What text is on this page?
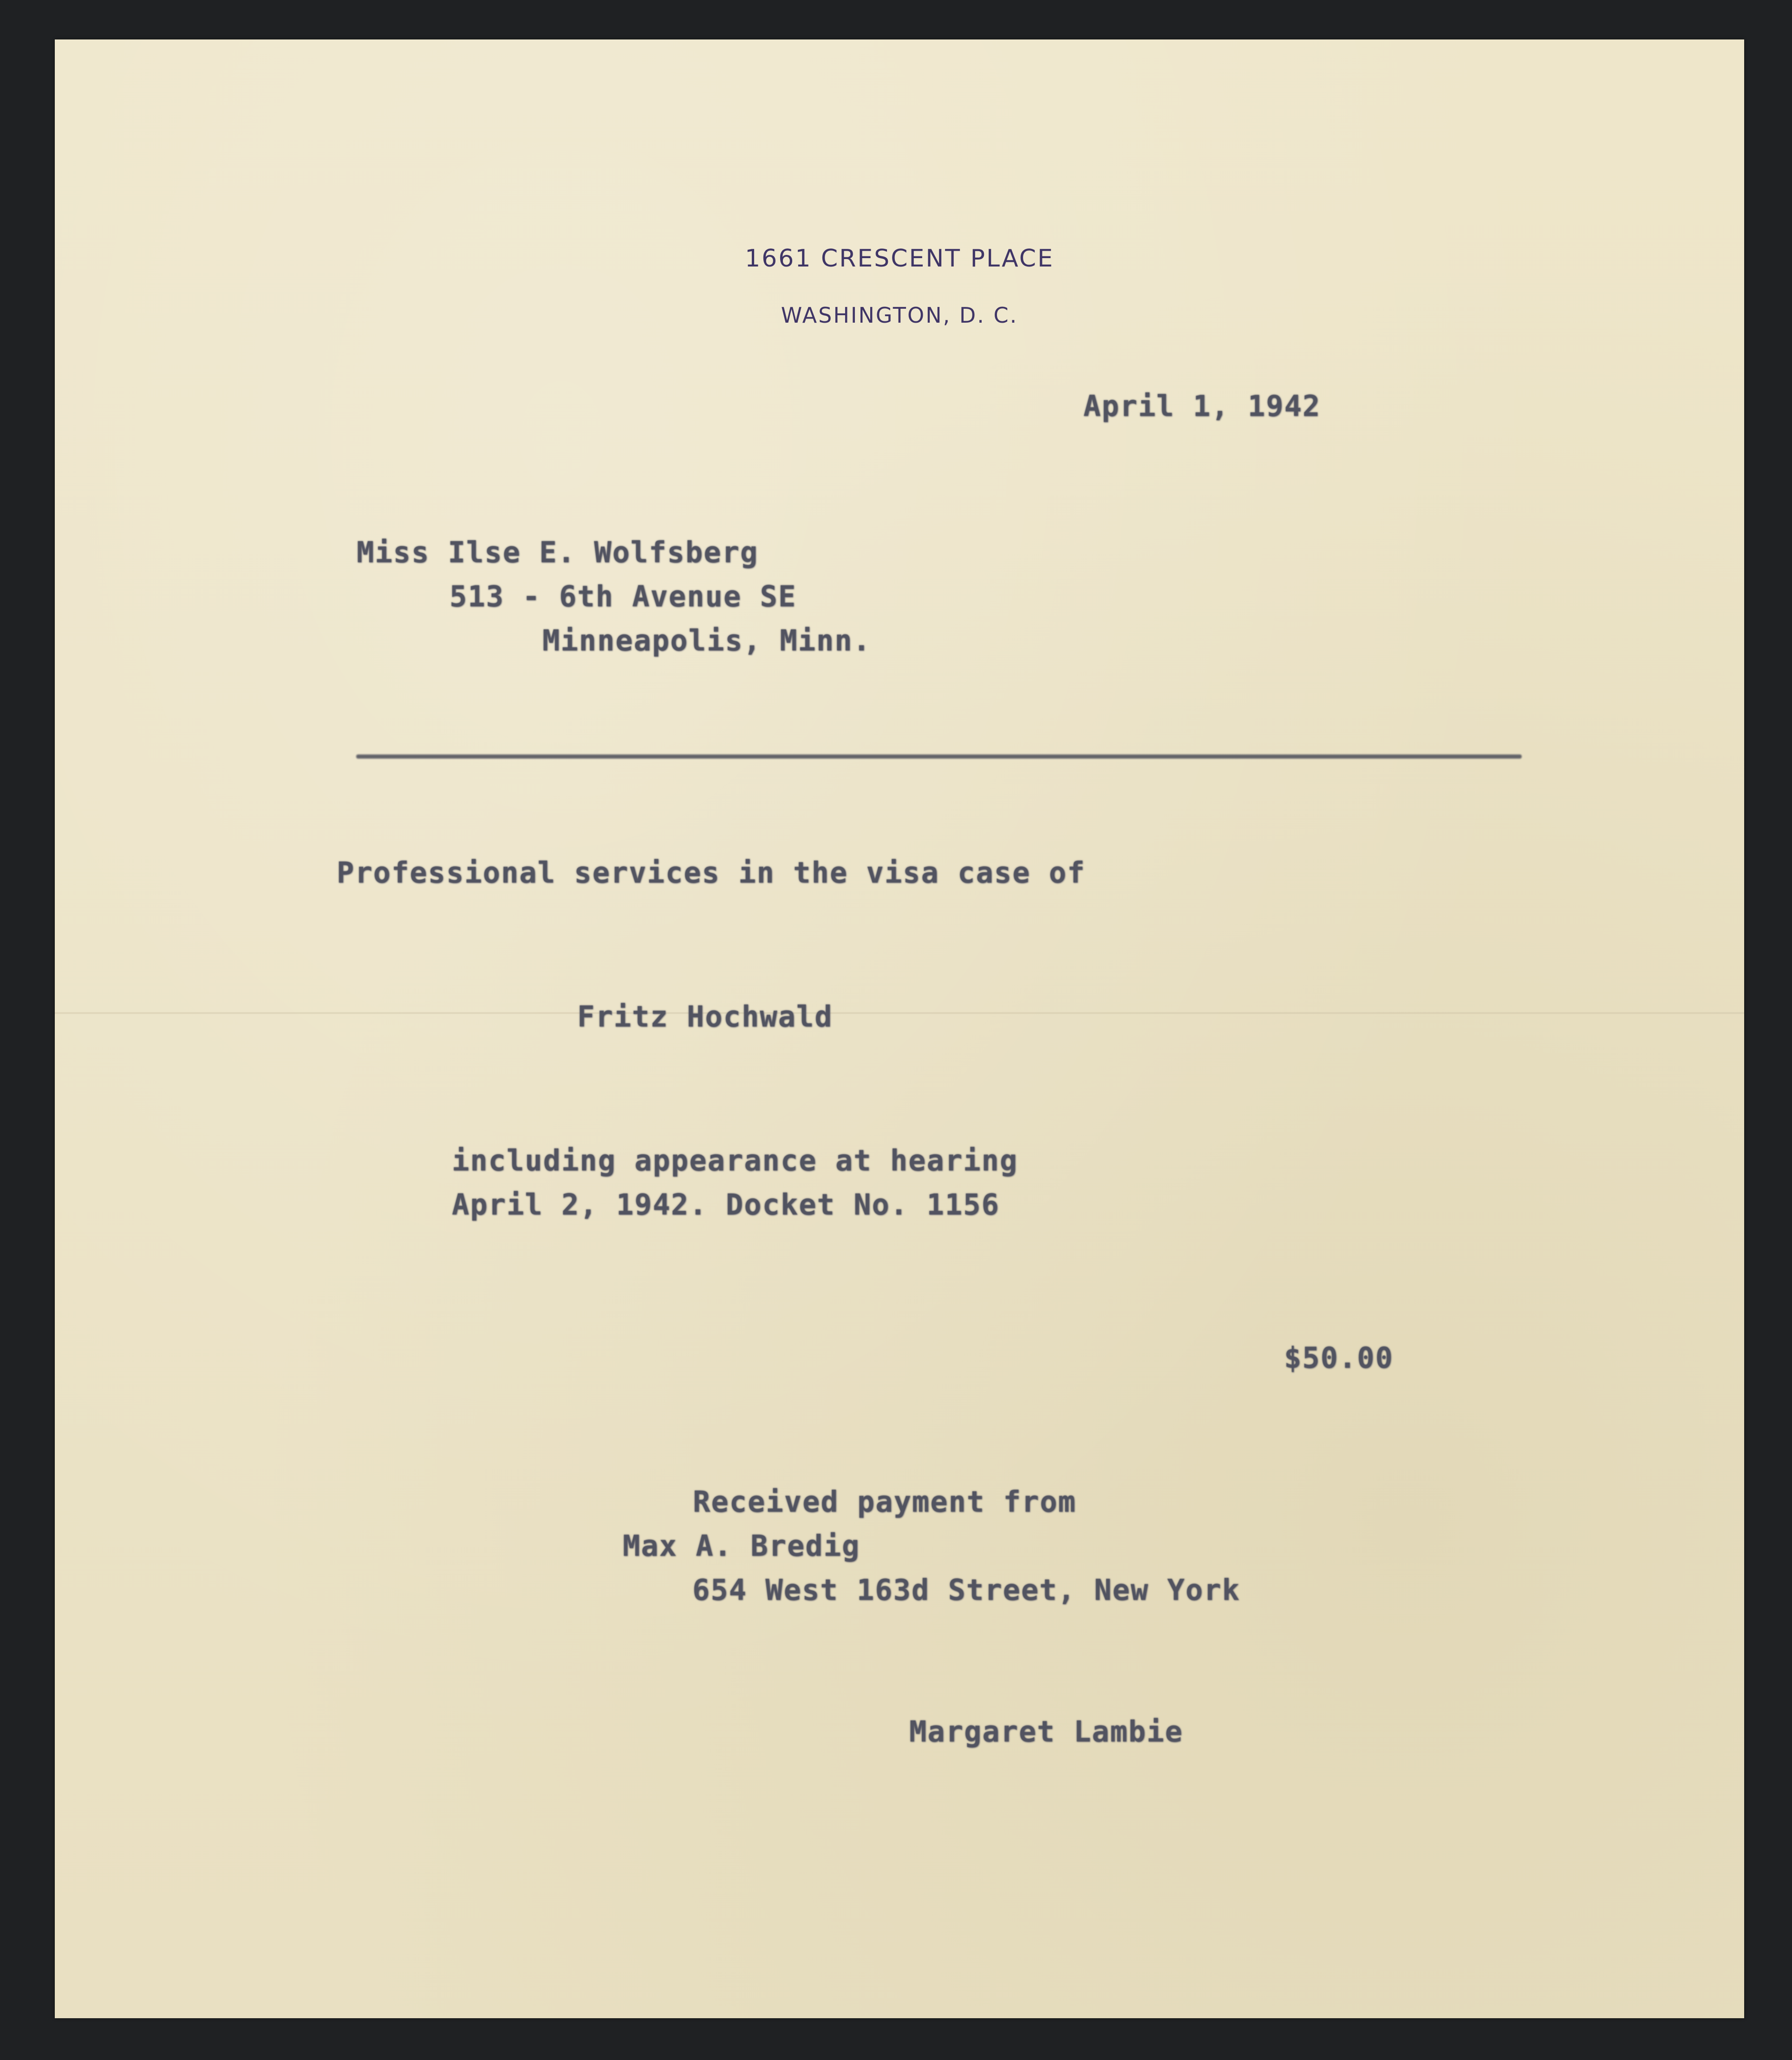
1661 CRESCENT PLACE
WASHINGTON, D. C.
April 1, 1942
Miss Ilse E. Wolfsberg
513 - 6th Avenue SE
Minneapolis, Minn.
Professional services in the visa case of
Fritz Hochwald
including appearance at hearing
April 2, 1942. Docket No. 1156
$50.00
Received payment from
Max A. Bredig
654 West 163d Street, New York
Margaret Lambie
